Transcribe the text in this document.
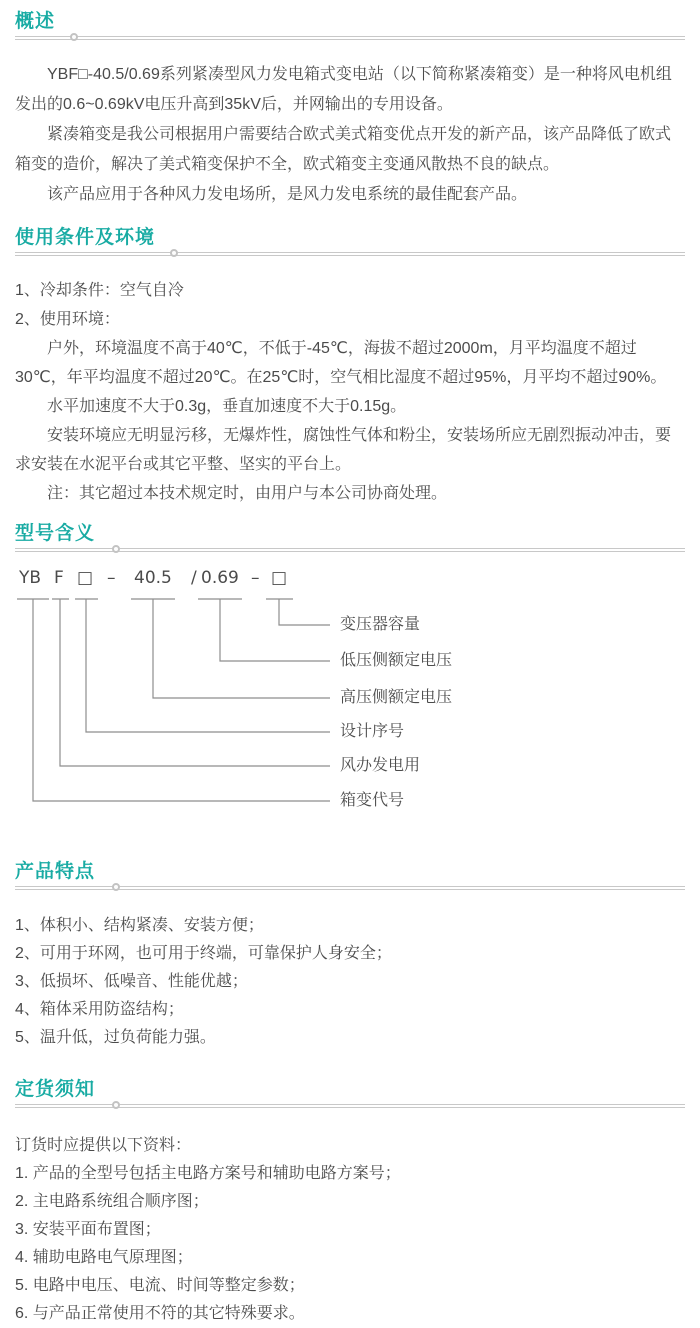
概述

YBF□-40.5/0.69系列紧凑型风力发电箱式变电站（以下简称紧凑箱变）是一种将风电机组发出的0.6~0.69kV电压升高到35kV后，并网输出的专用设备。

紧凑箱变是我公司根据用户需要结合欧式美式箱变优点开发的新产品，该产品降低了欧式箱变的造价，解决了美式箱变保护不全，欧式箱变主变通风散热不良的缺点。

该产品应用于各种风力发电场所，是风力发电系统的最佳配套产品。

使用条件及环境

1、冷却条件：空气自冷

2、使用环境：

户外，环境温度不高于40℃，不低于-45℃，海拔不超过2000m，月平均温度不超过30℃，年平均温度不超过20℃。在25℃时，空气相比湿度不超过95%，月平均不超过90%。

水平加速度不大于0.3g，垂直加速度不大于0.15g。

安装环境应无明显污移，无爆炸性，腐蚀性气体和粉尘，安装场所应无剧烈振动冲击，要求安装在水泥平台或其它平整、坚实的平台上。

注：其它超过本技术规定时，由用户与本公司协商处理。

型号含义
YB F □ – 40.5 / 0.69 – □
变压器容量
低压侧额定电压
高压侧额定电压
设计序号
风办发电用
箱变代号
产品特点

1、体积小、结构紧凑、安装方便；

2、可用于环网，也可用于终端，可靠保护人身安全；

3、低损坏、低噪音、性能优越；

4、箱体采用防盗结构；

5、温升低，过负荷能力强。

定货须知

订货时应提供以下资料：

1. 产品的全型号包括主电路方案号和辅助电路方案号；

2. 主电路系统组合顺序图；

3. 安装平面布置图；

4. 辅助电路电气原理图；

5. 电路中电压、电流、时间等整定参数；

6. 与产品正常使用不符的其它特殊要求。
